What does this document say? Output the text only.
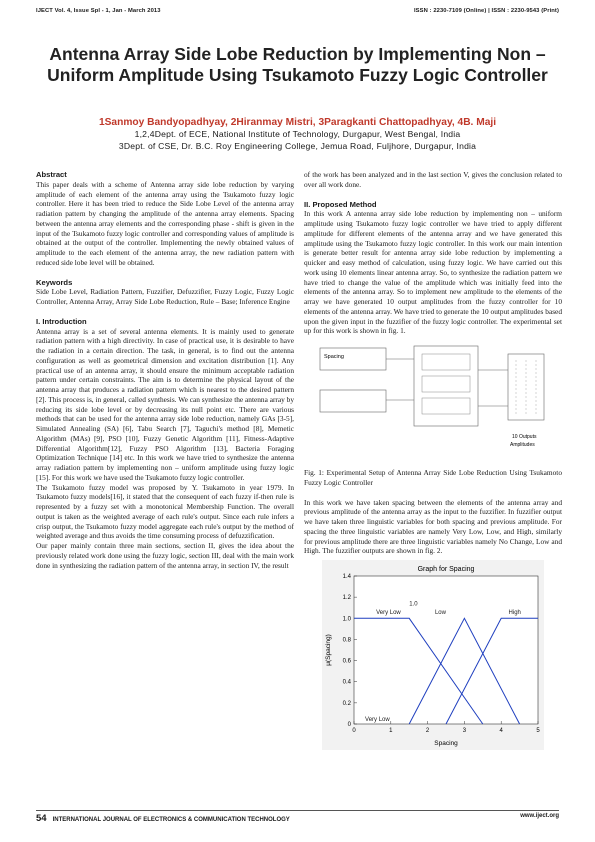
IJECT Vol. 4, Issue Spl - 1, Jan - March 2013	ISSN : 2230-7109 (Online) | ISSN : 2230-9543 (Print)
Antenna Array Side Lobe Reduction by Implementing Non – Uniform Amplitude Using Tsukamoto Fuzzy Logic Controller
1Sanmoy Bandyopadhyay, 2Hiranmay Mistri, 3Paragkanti Chattopadhyay, 4B. Maji
1,2,4Dept. of ECE, National Institute of Technology, Durgapur, West Bengal, India
3Dept. of CSE, Dr. B.C. Roy Engineering College, Jemua Road, Fuljhore, Durgapur, India
Abstract

This paper deals with a scheme of Antenna array side lobe reduction by varying amplitude of each element of the antenna array using the Tsukamoto fuzzy logic controller. Here it has been tried to reduce the Side Lobe Level of the antenna array radiation pattern by changing the amplitude of the antenna array elements. Spacing between the antenna array elements and the corresponding phase - shift is given in the input of the Tsukamoto fuzzy logic controller and corresponding values of amplitude is obtained at the output of the controller. Implementing the newly obtained values of amplitude to the each element of the antenna array, the new radiation pattern with reduced side lobe level will be obtained.

Keywords

Side Lobe Level, Radiation Pattern, Fuzzifier, Defuzzifier, Fuzzy Logic, Fuzzy Logic Controller, Antenna Array, Array Side Lobe Reduction, Rule – Base; Inference Engine

I. Introduction

Antenna array is a set of several antenna elements. It is mainly used to generate radiation pattern with a high directivity. In case of practical use, it is desirable to have the radiation in a certain direction. The task, in general, is to find out the antenna configuration as well as geometrical dimension and excitation distribution [1]. Any practical use of an antenna array, it should ensure the minimum acceptable radiation pattern under certain constraints. The aim is to determine the physical layout of the antenna array that produces a radiation pattern which is nearest to the desired pattern [2]. This process is, in general, called synthesis. We can synthesize the antenna array by reducing its side lobe level or by decreasing its null point etc. There are various methods that can be used for the antenna array side lobe reduction, namely GAs [3-5], Simulated Annealing (SA) [6], Tabu Search [7], Taguchi's method [8], Memetic Algorithm (MAs) [9], PSO [10], Fuzzy Genetic Algorithm [11], Fitness-Adaptive Differential Algorithm[12], Fuzzy PSO Algorithm [13], Bacteria Foraging Optimization Technique [14] etc. In this work we have tried to synthesize the antenna array radiation pattern by implementing non – uniform amplitude using fuzzy logic [15]. For this work we have used the Tsukamoto fuzzy logic controller.

The Tsukamoto fuzzy model was proposed by Y. Tsukamoto in year 1979. In Tsukamoto fuzzy models[16], it stated that the consequent of each fuzzy if-then rule is represented by a fuzzy set with a monotonical Membership Function. The overall output is taken as the weighted average of each rule's output. Since each rule infers a crisp output, the Tsukamoto fuzzy model aggregate each rule's output by the method of weighted average and thus avoids the time consuming process of defuzzification.

Our paper mainly contain three main sections, section II, gives the idea about the previously related work done using the fuzzy logic, section III, deal with the main work done in synthesizing the radiation pattern of the antenna array, in section IV, the result

of the work has been analyzed and in the last section V, gives the conclusion related to over all work done.

II. Proposed Method

In this work A antenna array side lobe reduction by implementing non – uniform amplitude using Tsukamoto fuzzy logic controller we have tried to apply different amplitude for different elements of the antenna array and we have generated this amplitude using the Tsukamoto fuzzy logic controller. In this work our main intention is generate better result for antenna array side lobe reduction by implementing a quicker and easy method of calculation, using fuzzy logic. We have carried out this work using 10 elements linear antenna array. So, to synthesize the radiation pattern we have tried to change the value of the amplitude which was initially feed into the elements of the antenna array. So to implement new amplitude to the elements of the array we have generated 10 output amplitudes from the fuzzy controller for 10 elements of the antenna array. We have tried to generate the 10 output amplitudes based upon the given input in the fuzzifier of the fuzzy logic controller. The experimental set up for this work is shown in fig. 1.

Spacing
10 Outputs
Amplitudes

Fig. 1: Experimental Setup of Antenna Array Side Lobe Reduction Using Tsukamoto Fuzzy Logic Controller

In this work we have taken spacing between the elements of the antenna array and previous amplitude of the antenna array as the input to the fuzzifier. In fuzzifier output we have taken three linguistic variables for both spacing and previous amplitude. For spacing the three linguistic variables are namely Very Low, Low, and High, similarly for previous amplitude there are three linguistic variables namely No Change, Low and High. The fuzzifier outputs are shown in fig. 2.

Graph for Spacing
0
0.2
0.4
0.6
0.8
1.0
1.2
1.4
0	1	2	3	4	5
1.0
Very Low	Low	High
Very Low
Spacing
μ(Spacing)
54 INTERNATIONAL JOURNAL OF ELECTRONICS & COMMUNICATION TECHNOLOGY
www.iject.org
